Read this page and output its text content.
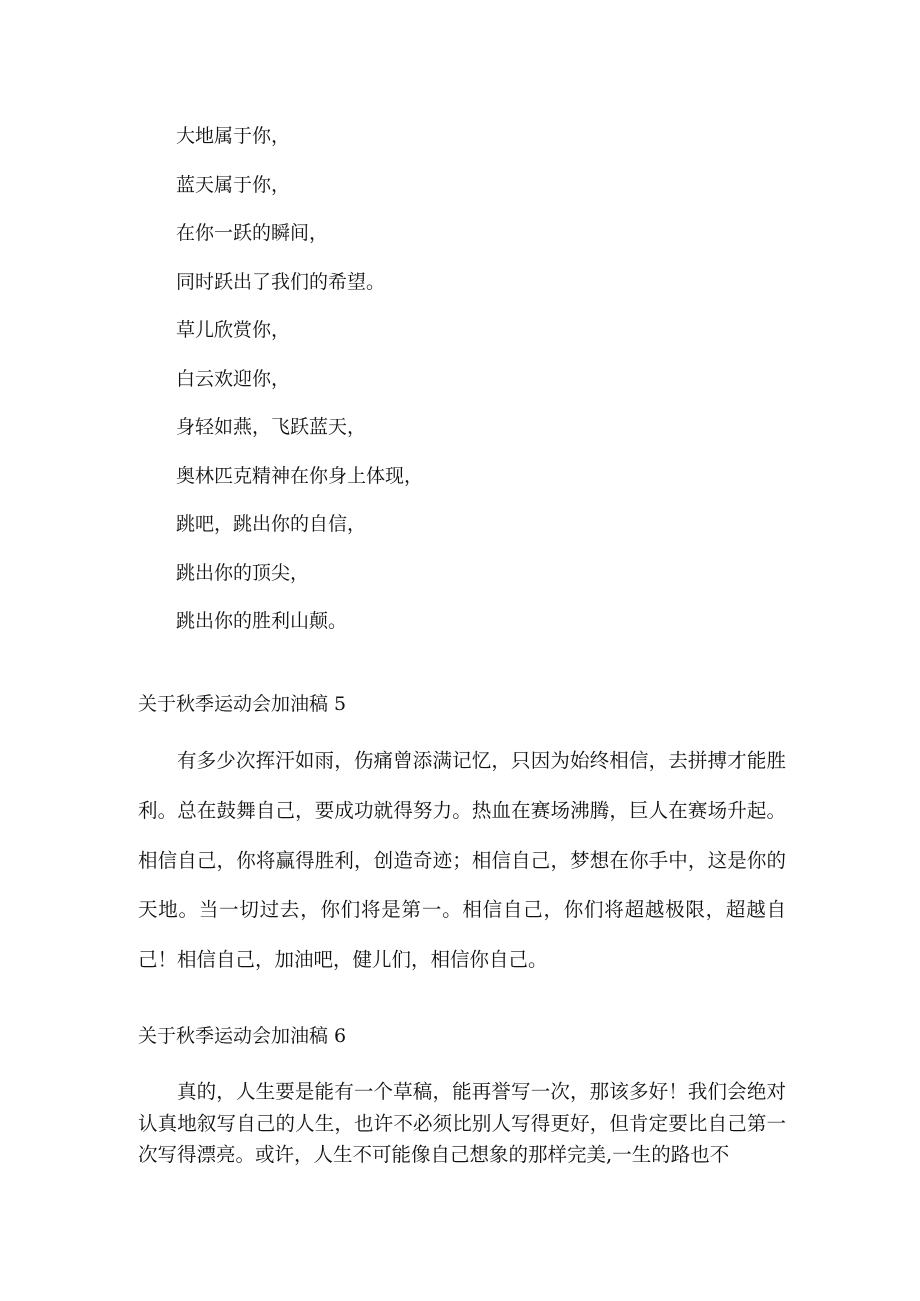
大地属于你，
蓝天属于你，
在你一跃的瞬间，
同时跃出了我们的希望。
草儿欣赏你，
白云欢迎你，
身轻如燕，飞跃蓝天，
奥林匹克精神在你身上体现，
跳吧，跳出你的自信，
跳出你的顶尖，
跳出你的胜利山颠。
关于秋季运动会加油稿 5

有多少次挥汗如雨，伤痛曾添满记忆，只因为始终相信，去拼搏才能胜利。总在鼓舞自己，要成功就得努力。热血在赛场沸腾，巨人在赛场升起。相信自己，你将赢得胜利，创造奇迹；相信自己，梦想在你手中，这是你的天地。当一切过去，你们将是第一。相信自己，你们将超越极限，超越自己！相信自己，加油吧，健儿们，相信你自己。

关于秋季运动会加油稿 6

真的，人生要是能有一个草稿，能再誉写一次，那该多好！我们会绝对认真地叙写自己的人生，也许不必须比别人写得更好，但肯定要比自己第一次写得漂亮。或许，人生不可能像自己想象的那样完美,一生的路也不
